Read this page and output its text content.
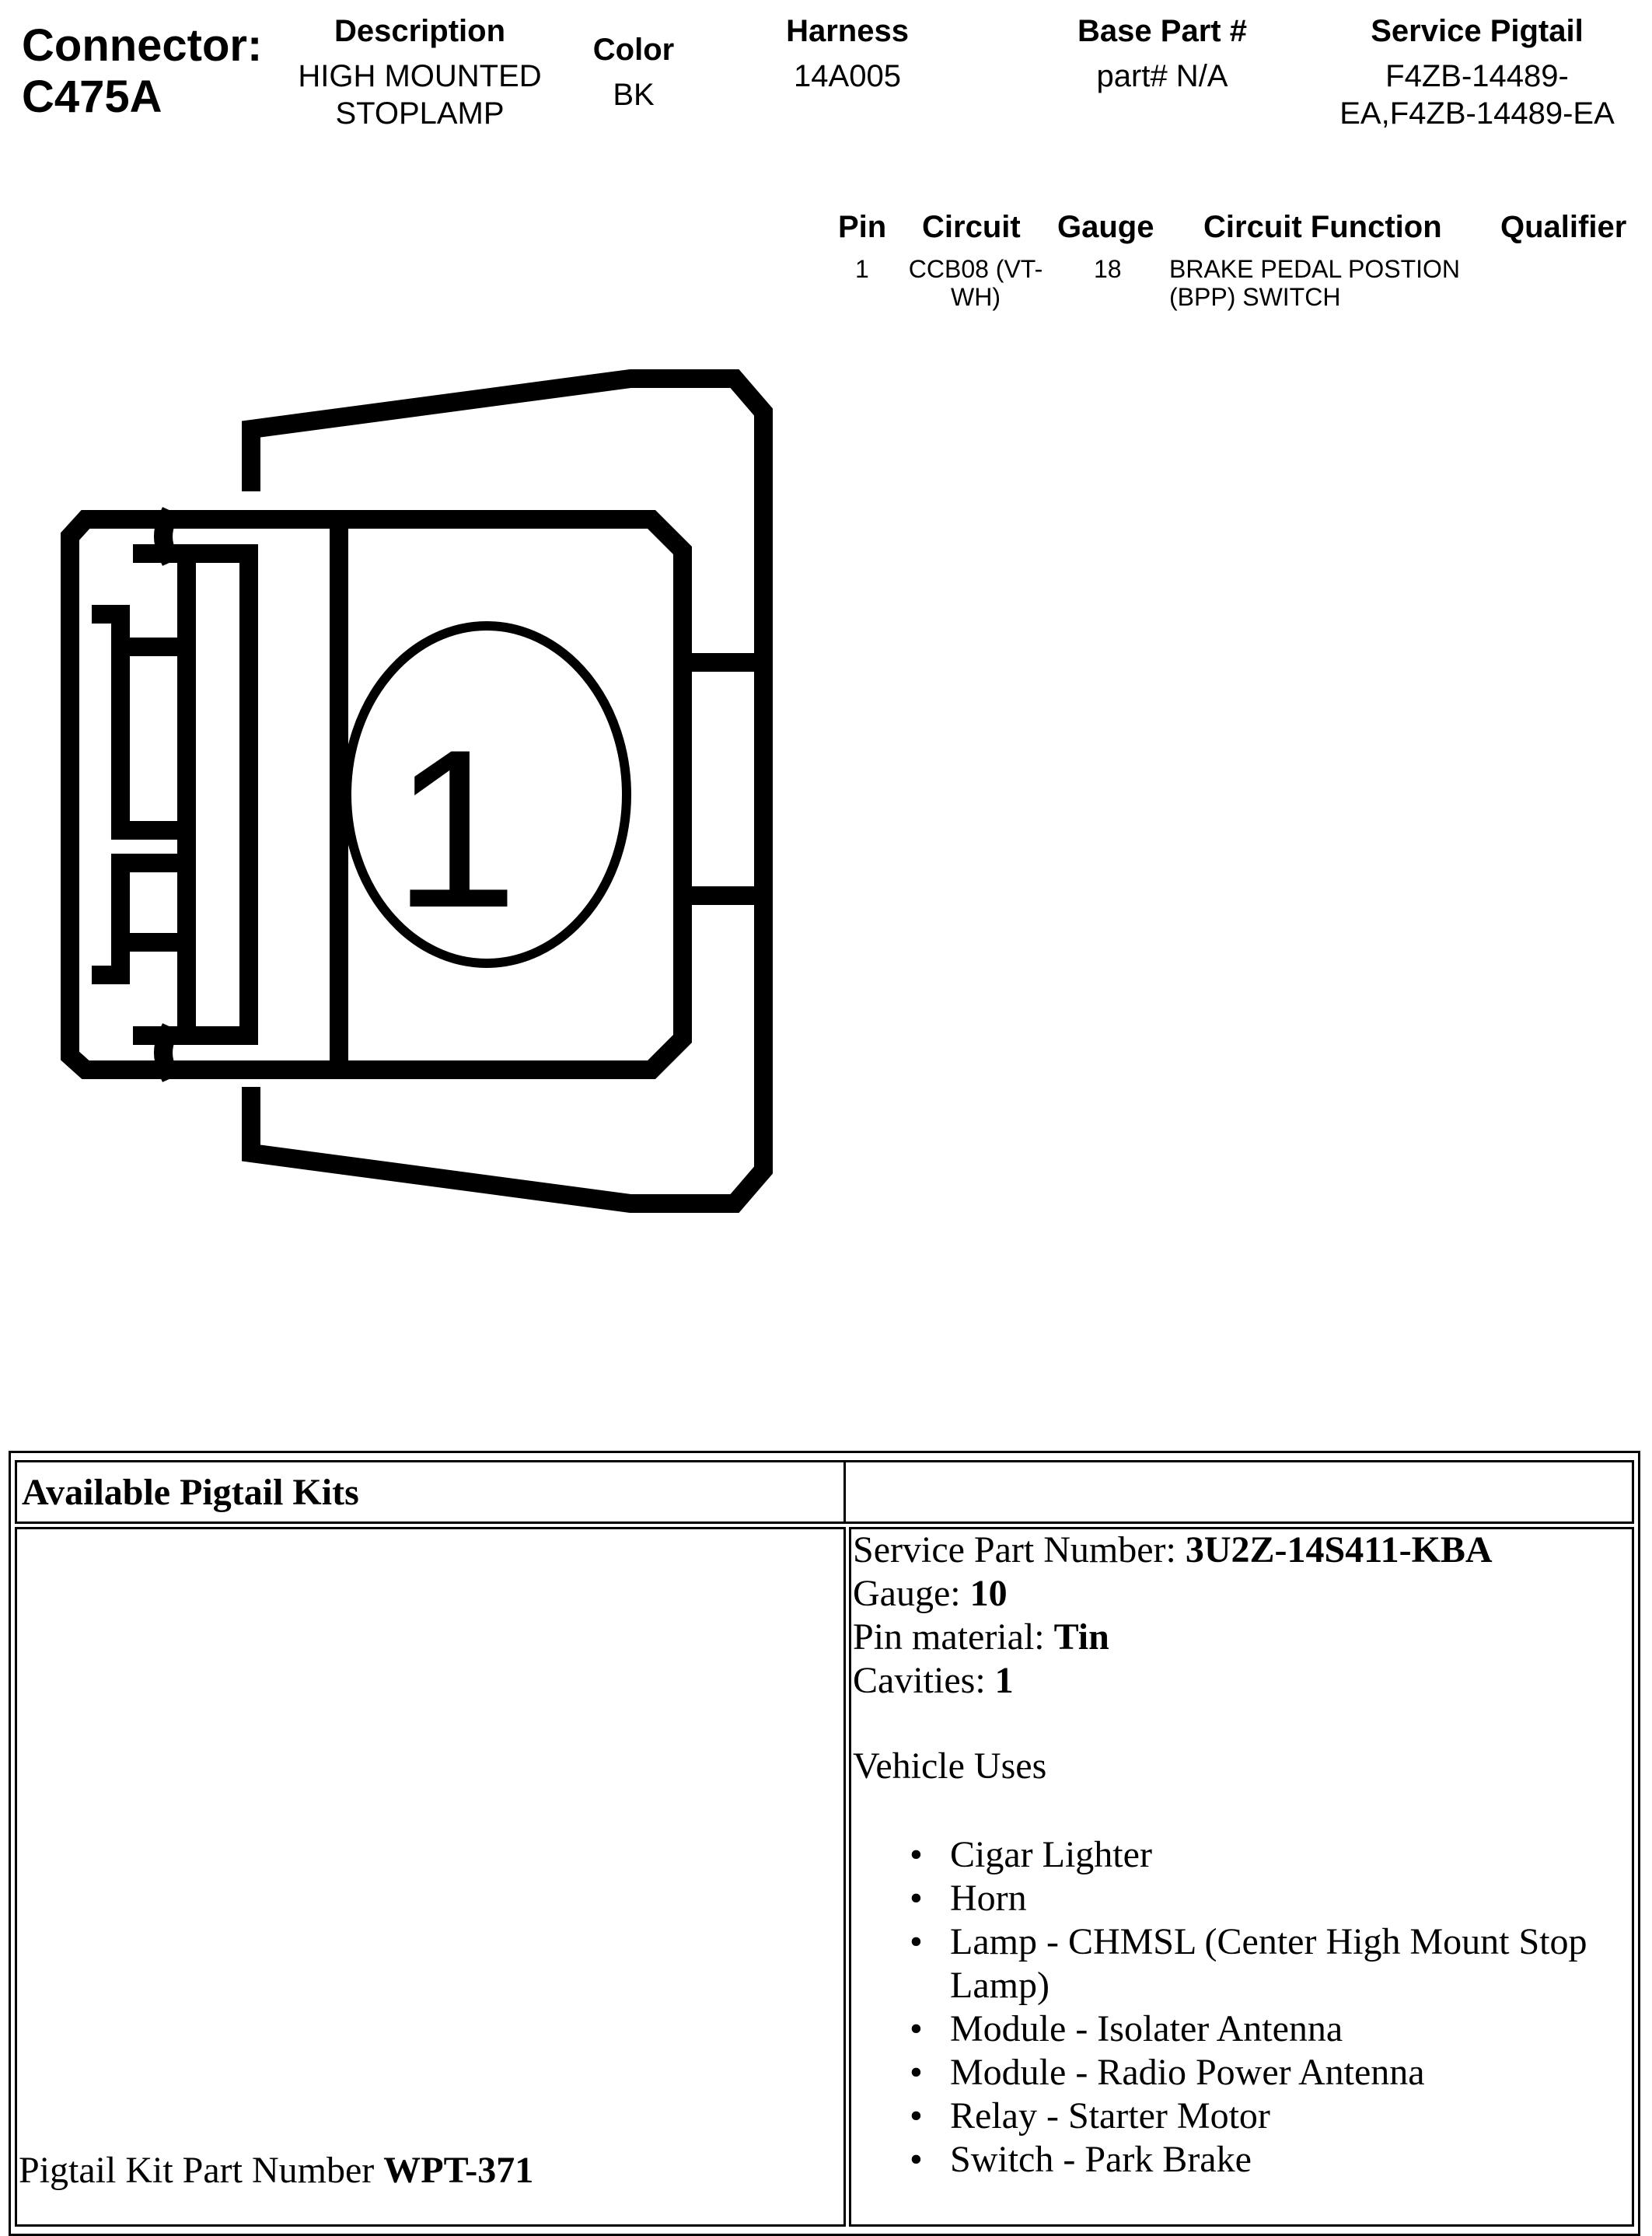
Connector:
C475A
Description
HIGH MOUNTED
STOPLAMP
Color
BK
Harness
14A005
Base Part #
part# N/A
Service Pigtail
F4ZB-14489-
EA,F4ZB-14489-EA
Pin Circuit Gauge Circuit Function Qualifier
1 CCB08 (VT-
WH)
18 BRAKE PEDAL POSTION
(BPP) SWITCH
1
Available Pigtail Kits
Pigtail Kit Part Number WPT-371
Service Part Number: 3U2Z-14S411-KBA
Gauge: 10
Pin material: Tin
Cavities: 1
Vehicle Uses
• Cigar Lighter
• Horn
• Lamp - CHMSL (Center High Mount Stop Lamp)
• Module - Isolater Antenna
• Module - Radio Power Antenna
• Relay - Starter Motor
• Switch - Park Brake
